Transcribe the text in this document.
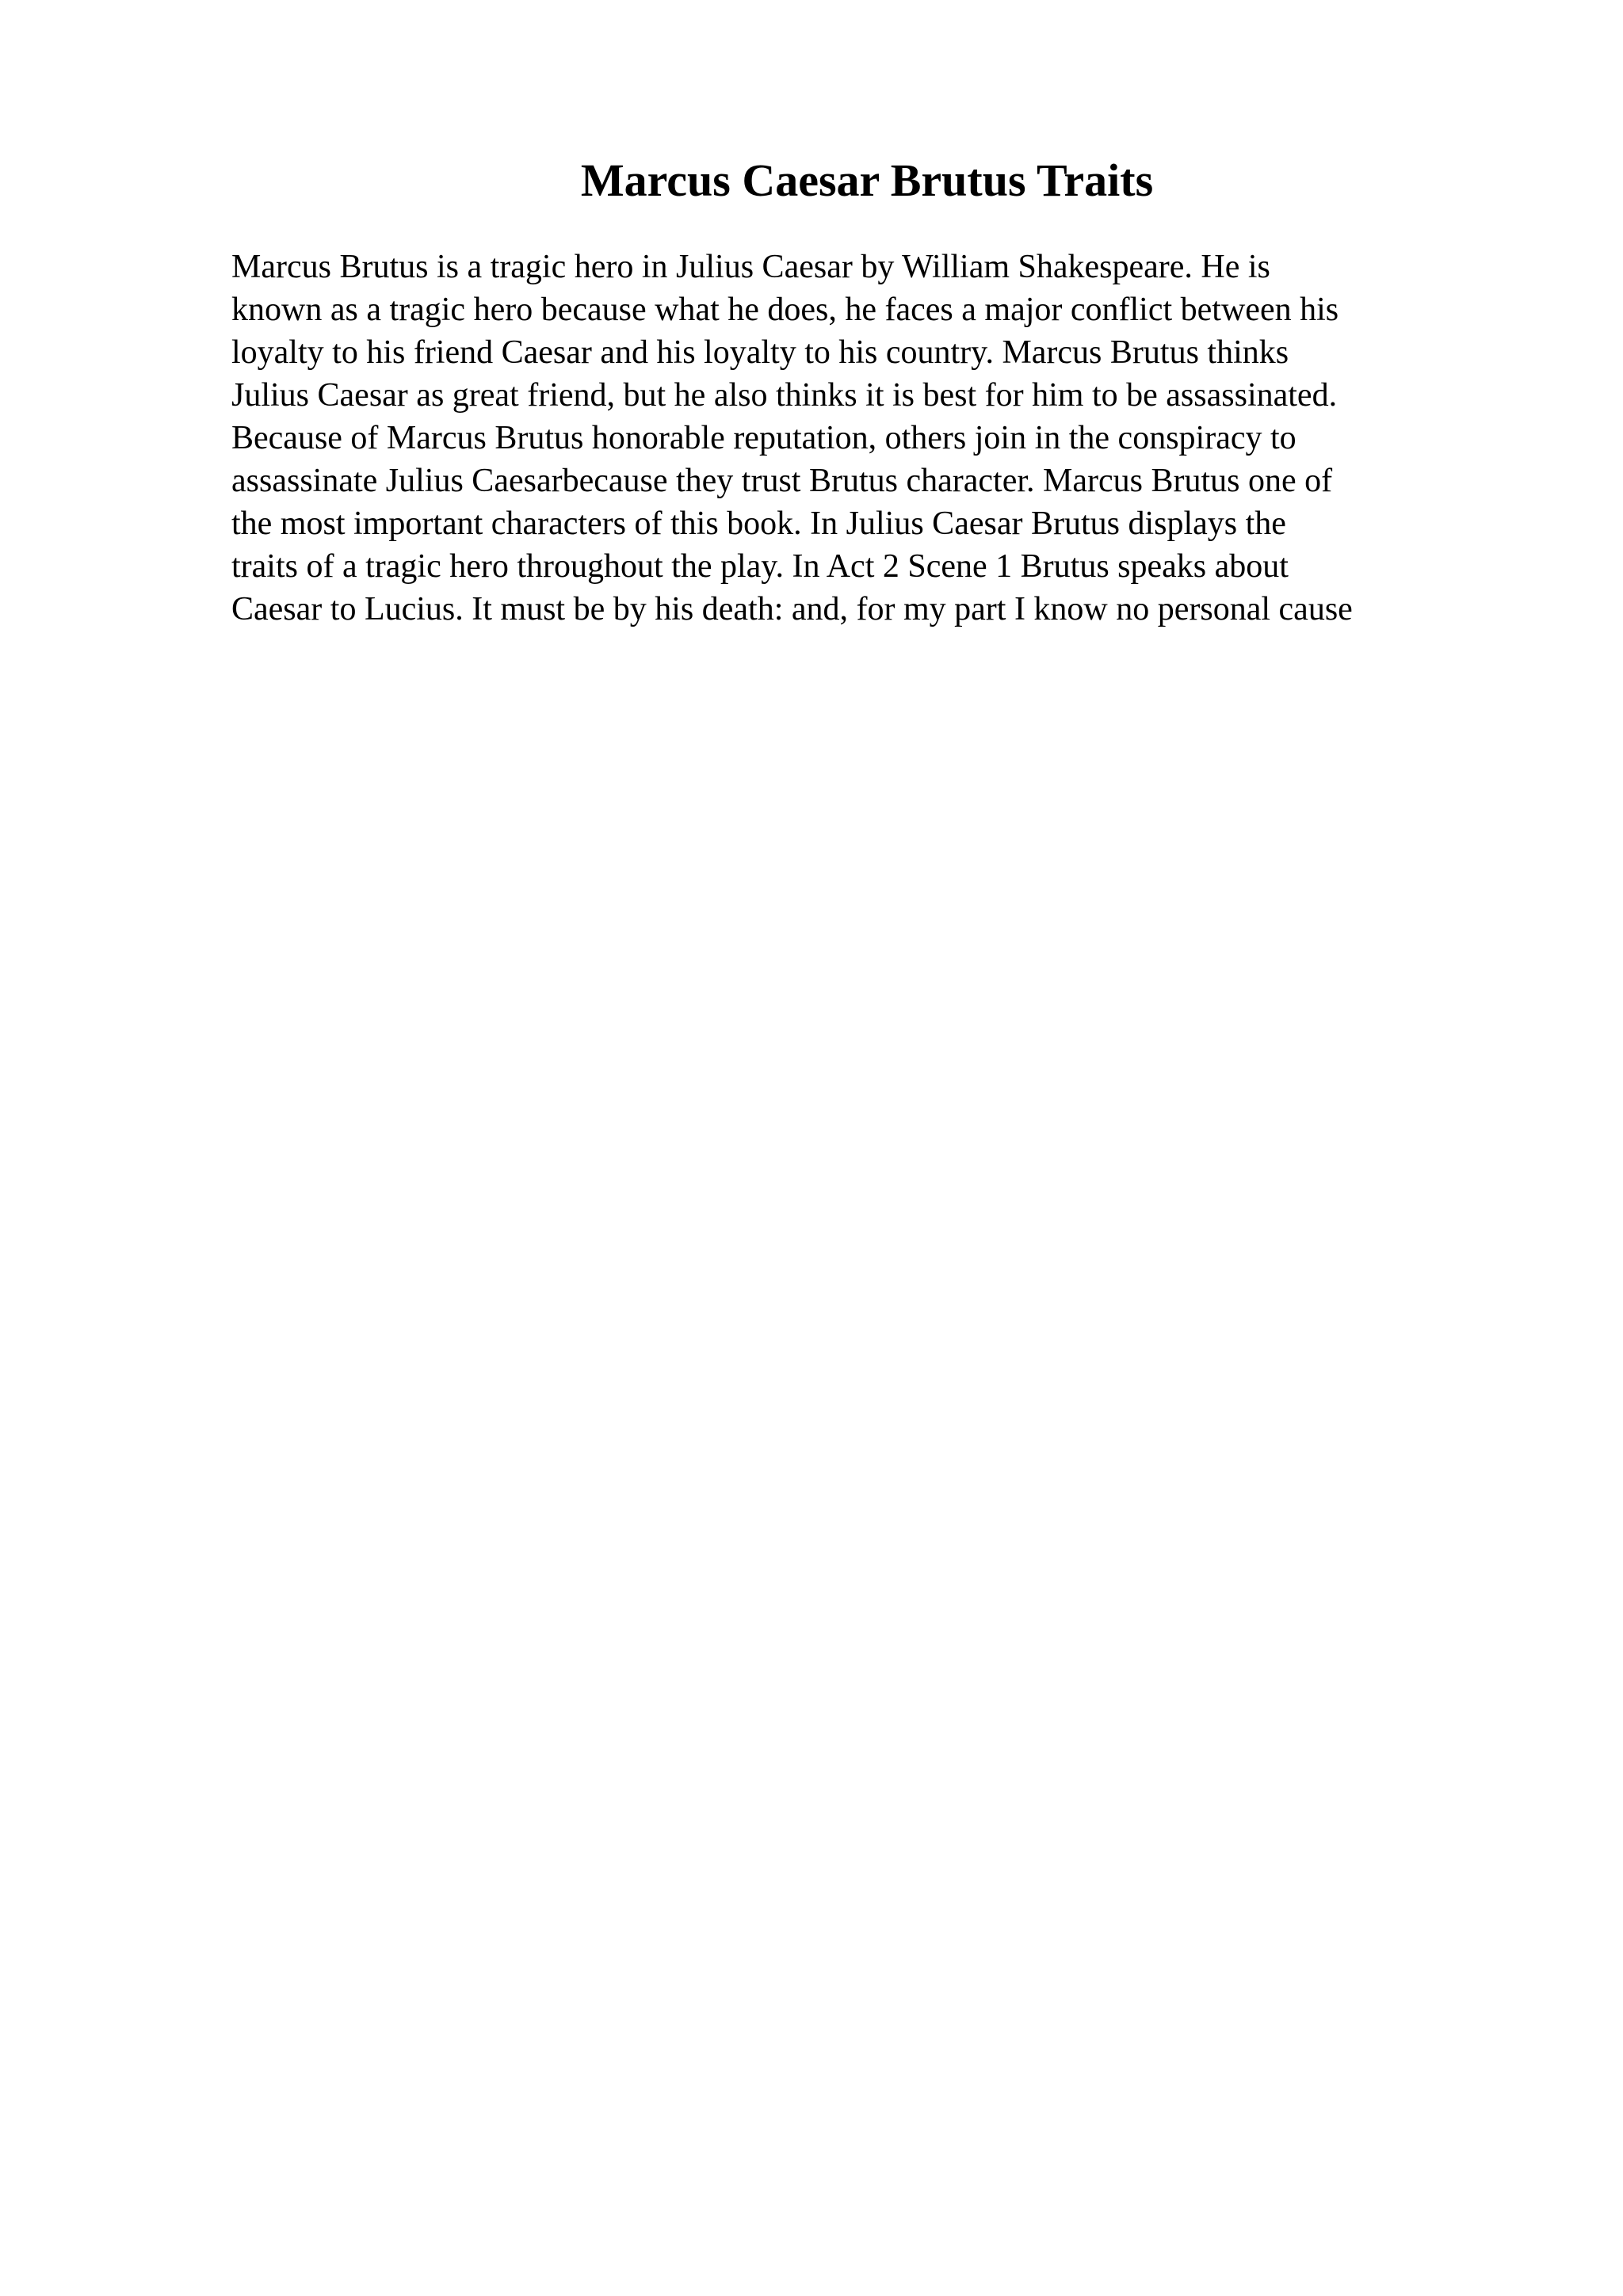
Marcus Caesar Brutus Traits
Marcus Brutus is a tragic hero in Julius Caesar by William Shakespeare. He is
known as a tragic hero because what he does, he faces a major conflict between his
loyalty to his friend Caesar and his loyalty to his country. Marcus Brutus thinks
Julius Caesar as great friend, but he also thinks it is best for him to be assassinated.
Because of Marcus Brutus honorable reputation, others join in the conspiracy to
assassinate Julius Caesarbecause they trust Brutus character. Marcus Brutus one of
the most important characters of this book. In Julius Caesar Brutus displays the
traits of a tragic hero throughout the play. In Act 2 Scene 1 Brutus speaks about
Caesar to Lucius. It must be by his death: and, for my part I know no personal cause
